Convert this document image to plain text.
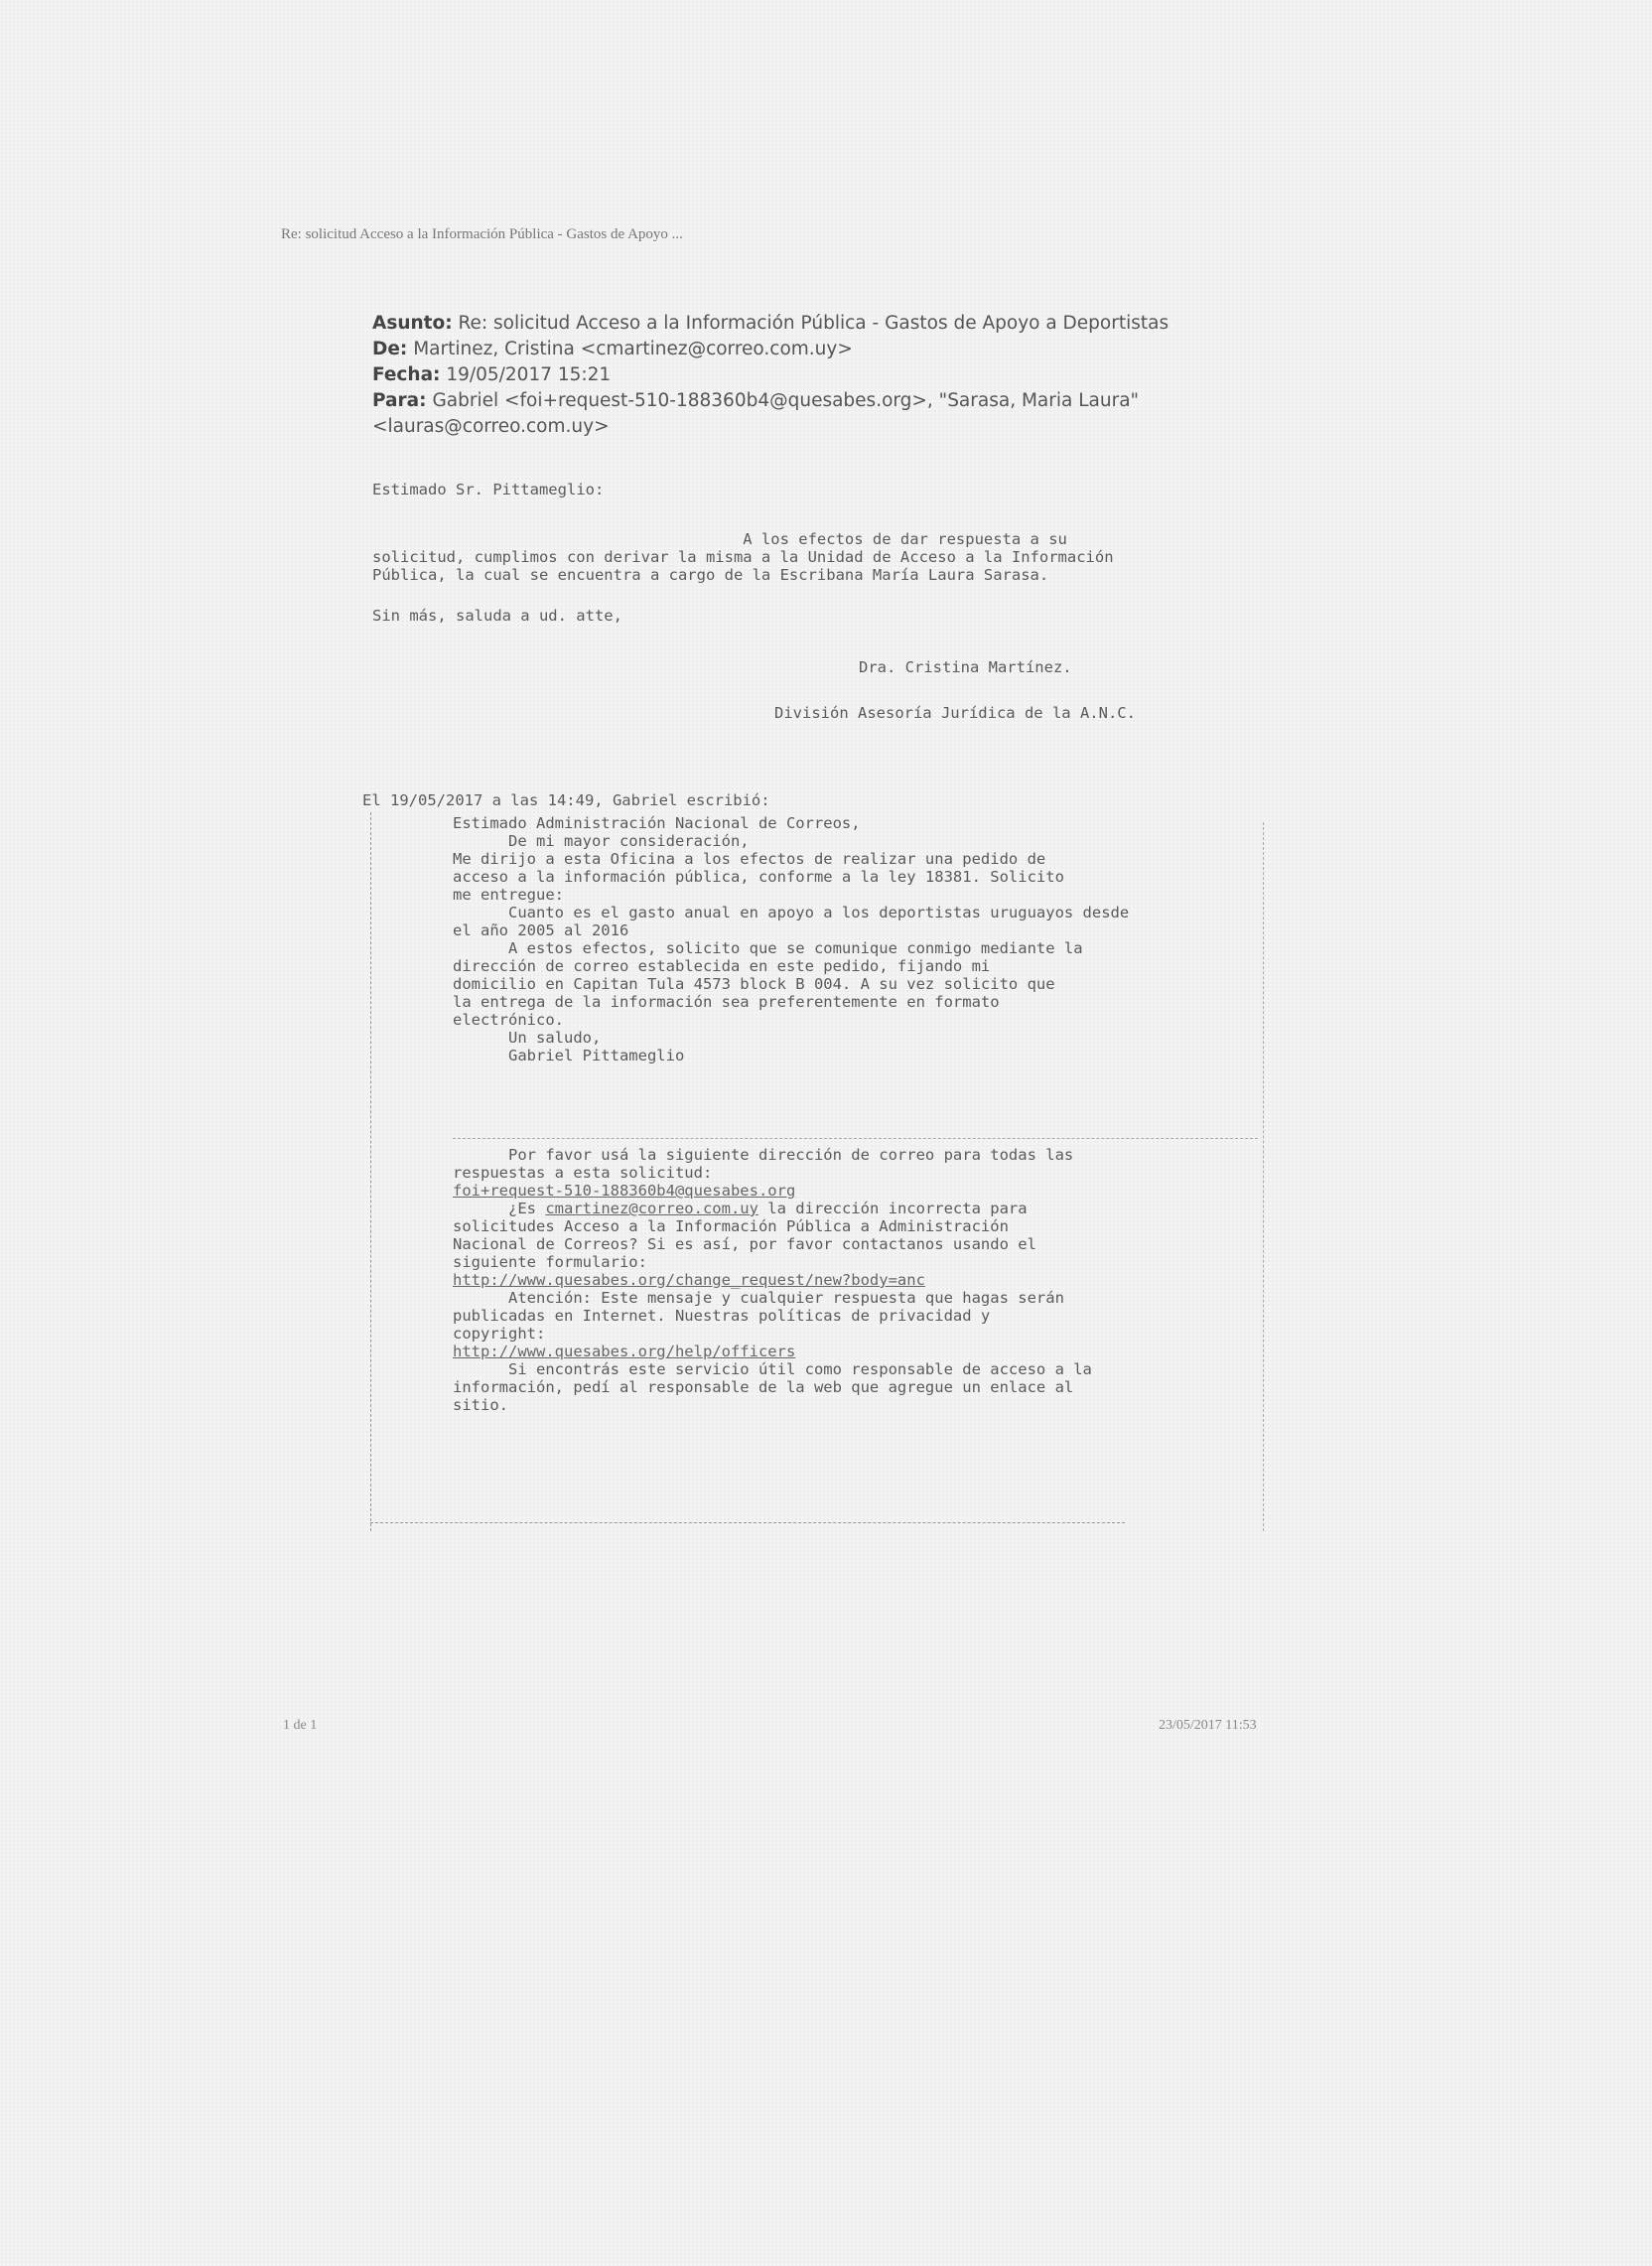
Re: solicitud Acceso a la Información Pública - Gastos de Apoyo ...
Asunto: Re: solicitud Acceso a la Información Pública - Gastos de Apoyo a Deportistas
De: Martinez, Cristina <cmartinez@correo.com.uy>
Fecha: 19/05/2017 15:21
Para: Gabriel <foi+request-510-188360b4@quesabes.org>, "Sarasa, Maria Laura"
<lauras@correo.com.uy>
Estimado Sr. Pittameglio:
A los efectos de dar respuesta a su
solicitud, cumplimos con derivar la misma a la Unidad de Acceso a la Información
Pública, la cual se encuentra a cargo de la Escribana María Laura Sarasa.
Sin más, saluda a ud. atte,
Dra. Cristina Martínez.
División Asesoría Jurídica de la A.N.C.
El 19/05/2017 a las 14:49, Gabriel escribió:
Estimado Administración Nacional de Correos,
De mi mayor consideración,
Me dirijo a esta Oficina a los efectos de realizar una pedido de
acceso a la información pública, conforme a la ley 18381. Solicito
me entregue:
Cuanto es el gasto anual en apoyo a los deportistas uruguayos desde
el año 2005 al 2016
A estos efectos, solicito que se comunique conmigo mediante la
dirección de correo establecida en este pedido, fijando mi
domicilio en Capitan Tula 4573 block B 004. A su vez solicito que
la entrega de la información sea preferentemente en formato
electrónico.
Un saludo,
Gabriel Pittameglio
Por favor usá la siguiente dirección de correo para todas las
respuestas a esta solicitud:
foi+request-510-188360b4@quesabes.org
¿Es cmartinez@correo.com.uy la dirección incorrecta para
solicitudes Acceso a la Información Pública a Administración
Nacional de Correos? Si es así, por favor contactanos usando el
siguiente formulario:
http://www.quesabes.org/change_request/new?body=anc
Atención: Este mensaje y cualquier respuesta que hagas serán
publicadas en Internet. Nuestras políticas de privacidad y
copyright:
http://www.quesabes.org/help/officers
Si encontrás este servicio útil como responsable de acceso a la
información, pedí al responsable de la web que agregue un enlace al
sitio.
1 de 1	23/05/2017 11:53
